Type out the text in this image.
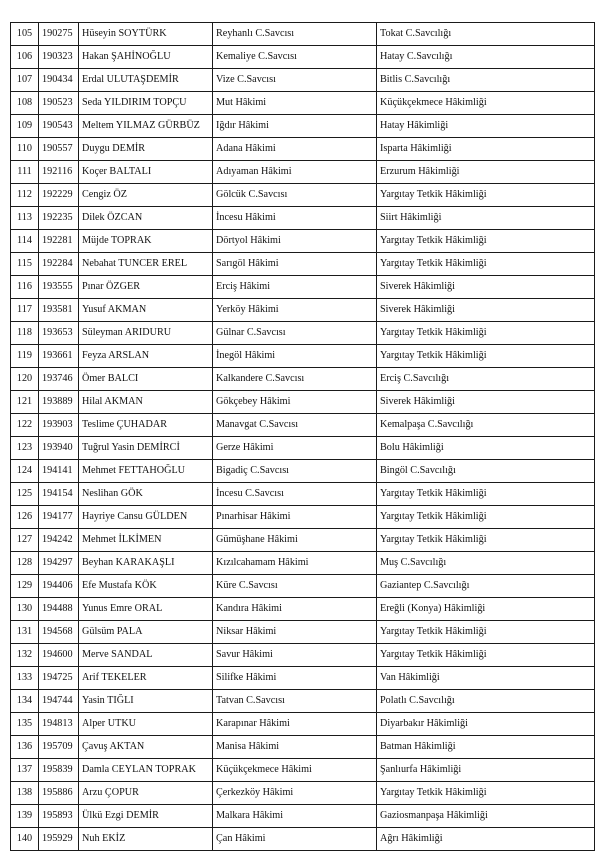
105	190275	Hüseyin SOYTÜRK	Reyhanlı C.Savcısı	Tokat C.Savcılığı
106	190323	Hakan ŞAHİNOĞLU	Kemaliye C.Savcısı	Hatay C.Savcılığı
107	190434	Erdal ULUTAŞDEMİR	Vize C.Savcısı	Bitlis C.Savcılığı
108	190523	Seda YILDIRIM TOPÇU	Mut Hâkimi	Küçükçekmece Hâkimliği
109	190543	Meltem YILMAZ GÜRBÜZ	Iğdır Hâkimi	Hatay Hâkimliği
110	190557	Duygu DEMİR	Adana Hâkimi	Isparta Hâkimliği
111	192116	Koçer BALTALI	Adıyaman Hâkimi	Erzurum Hâkimliği
112	192229	Cengiz ÖZ	Gölcük C.Savcısı	Yargıtay Tetkik Hâkimliği
113	192235	Dilek ÖZCAN	İncesu Hâkimi	Siirt Hâkimliği
114	192281	Müjde TOPRAK	Dörtyol Hâkimi	Yargıtay Tetkik Hâkimliği
115	192284	Nebahat TUNCER EREL	Sarıgöl Hâkimi	Yargıtay Tetkik Hâkimliği
116	193555	Pınar ÖZGER	Erciş Hâkimi	Siverek Hâkimliği
117	193581	Yusuf AKMAN	Yerköy Hâkimi	Siverek Hâkimliği
118	193653	Süleyman ARIDURU	Gülnar C.Savcısı	Yargıtay Tetkik Hâkimliği
119	193661	Feyza ARSLAN	İnegöl Hâkimi	Yargıtay Tetkik Hâkimliği
120	193746	Ömer BALCI	Kalkandere C.Savcısı	Erciş C.Savcılığı
121	193889	Hilal AKMAN	Gökçebey Hâkimi	Siverek Hâkimliği
122	193903	Teslime ÇUHADAR	Manavgat C.Savcısı	Kemalpaşa C.Savcılığı
123	193940	Tuğrul Yasin DEMİRCİ	Gerze Hâkimi	Bolu Hâkimliği
124	194141	Mehmet FETTAHOĞLU	Bigadiç C.Savcısı	Bingöl C.Savcılığı
125	194154	Neslihan GÖK	İncesu C.Savcısı	Yargıtay Tetkik Hâkimliği
126	194177	Hayriye Cansu GÜLDEN	Pınarhisar Hâkimi	Yargıtay Tetkik Hâkimliği
127	194242	Mehmet İLKİMEN	Gümüşhane Hâkimi	Yargıtay Tetkik Hâkimliği
128	194297	Beyhan KARAKAŞLI	Kızılcahamam Hâkimi	Muş C.Savcılığı
129	194406	Efe Mustafa KÖK	Küre C.Savcısı	Gaziantep C.Savcılığı
130	194488	Yunus Emre ORAL	Kandıra Hâkimi	Ereğli (Konya) Hâkimliği
131	194568	Gülsüm PALA	Niksar Hâkimi	Yargıtay Tetkik Hâkimliği
132	194600	Merve SANDAL	Savur Hâkimi	Yargıtay Tetkik Hâkimliği
133	194725	Arif TEKELER	Silifke Hâkimi	Van Hâkimliği
134	194744	Yasin TIĞLI	Tatvan C.Savcısı	Polatlı C.Savcılığı
135	194813	Alper UTKU	Karapınar Hâkimi	Diyarbakır Hâkimliği
136	195709	Çavuş AKTAN	Manisa Hâkimi	Batman Hâkimliği
137	195839	Damla CEYLAN TOPRAK	Küçükçekmece Hâkimi	Şanlıurfa Hâkimliği
138	195886	Arzu ÇOPUR	Çerkezköy Hâkimi	Yargıtay Tetkik Hâkimliği
139	195893	Ülkü Ezgi DEMİR	Malkara Hâkimi	Gaziosmanpaşa Hâkimliği
140	195929	Nuh EKİZ	Çan Hâkimi	Ağrı Hâkimliği
